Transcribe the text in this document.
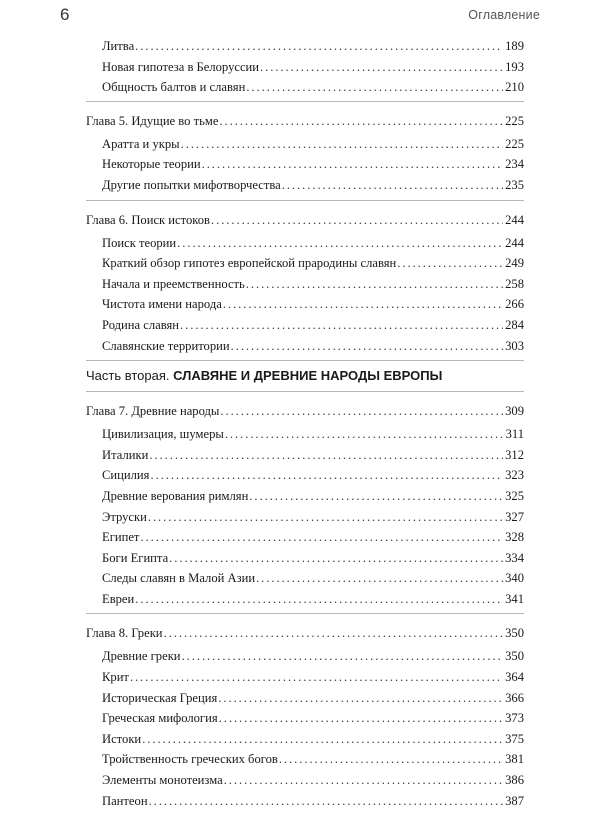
6	Оглавление
Литва . . .	189
Новая гипотеза в Белоруссии . . .	193
Общность балтов и славян . . .	210
Глава 5. Идущие во тьме . . .	225
Аратта и укры . . .	225
Некоторые теории . . .	234
Другие попытки мифотворчества . . .	235
Глава 6. Поиск истоков . . .	244
Поиск теории . . .	244
Краткий обзор гипотез европейской прародины славян . . .	249
Начала и преемственность . . .	258
Чистота имени народа . . .	266
Родина славян . . .	284
Славянские территории . . .	303
Часть вторая. СЛАВЯНЕ И ДРЕВНИЕ НАРОДЫ ЕВРОПЫ
Глава 7. Древние народы . . .	309
Цивилизация, шумеры . . .	311
Италики . . .	312
Сицилия . . .	323
Древние верования римлян . . .	325
Этруски . . .	327
Египет . . .	328
Боги Египта . . .	334
Следы славян в Малой Азии . . .	340
Евреи . . .	341
Глава 8. Греки . . .	350
Древние греки . . .	350
Крит . . .	364
Историческая Греция . . .	366
Греческая мифология . . .	373
Истоки . . .	375
Тройственность греческих богов . . .	381
Элементы монотеизма . . .	386
Пантеон . . .	387
